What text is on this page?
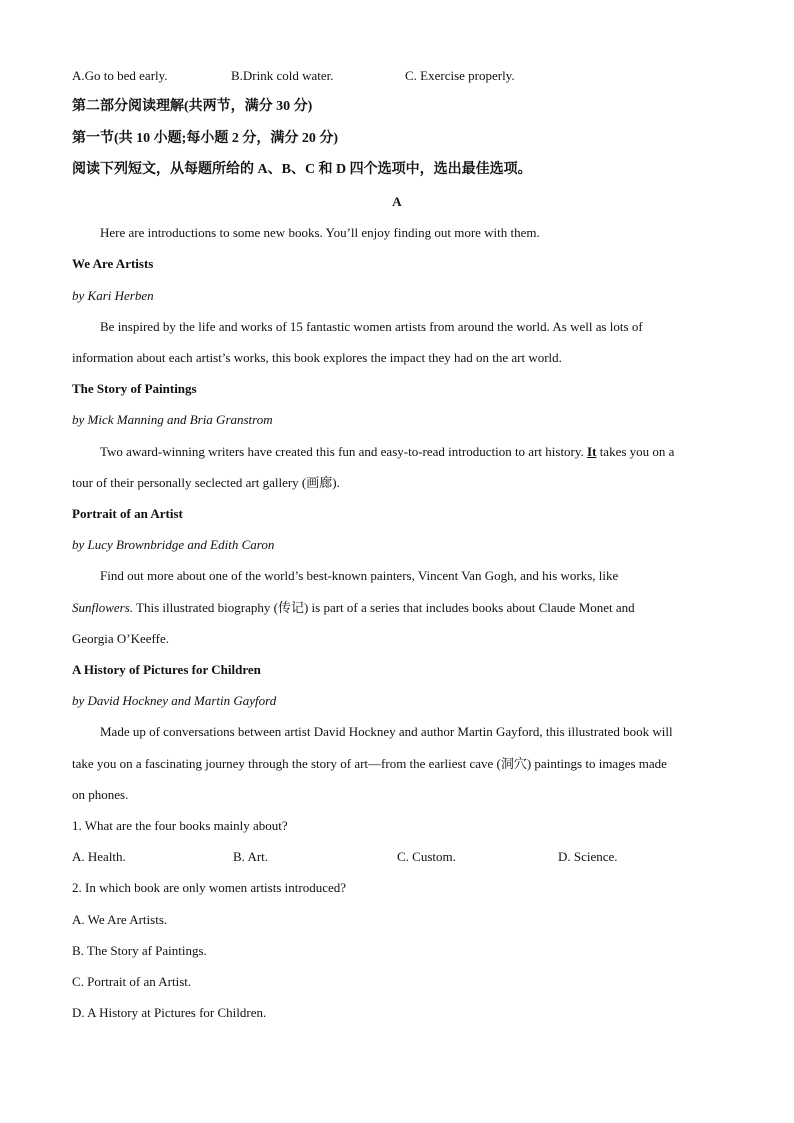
A.Go to bed early.	B.Drink cold water.	C. Exercise properly.
第二部分阅读理解(共两节，满分 30 分)
第一节(共 10 小题;每小题 2 分，满分 20 分)
阅读下列短文，从每题所给的 A、B、C 和 D 四个选项中，选出最佳选项。
A
Here are introductions to some new books. You’ll enjoy finding out more with them.
We Are Artists
by Kari Herben
Be inspired by the life and works of 15 fantastic women artists from around the world. As well as lots of
information about each artist’s works, this book explores the impact they had on the art world.
The Story of Paintings
by Mick Manning and Bria Granstrom
Two award-winning writers have created this fun and easy-to-read introduction to art history. It takes you on a
tour of their personally seclected art gallery (画廊).
Portrait of an Artist
by Lucy Brownbridge and Edith Caron
Find out more about one of the world’s best-known painters, Vincent Van Gogh, and his works, like
Sunflowers. This illustrated biography (传记) is part of a series that includes books about Claude Monet and
Georgia O’Keeffe.
A History of Pictures for Children
by David Hockney and Martin Gayford
Made up of conversations between artist David Hockney and author Martin Gayford, this illustrated book will
take you on a fascinating journey through the story of art—from the earliest cave (洞穴) paintings to images made
on phones.
1. What are the four books mainly about?
A. Health.	B. Art.	C. Custom.	D. Science.
2. In which book are only women artists introduced?
A. We Are Artists.
B. The Story af Paintings.
C. Portrait of an Artist.
D. A History at Pictures for Children.
